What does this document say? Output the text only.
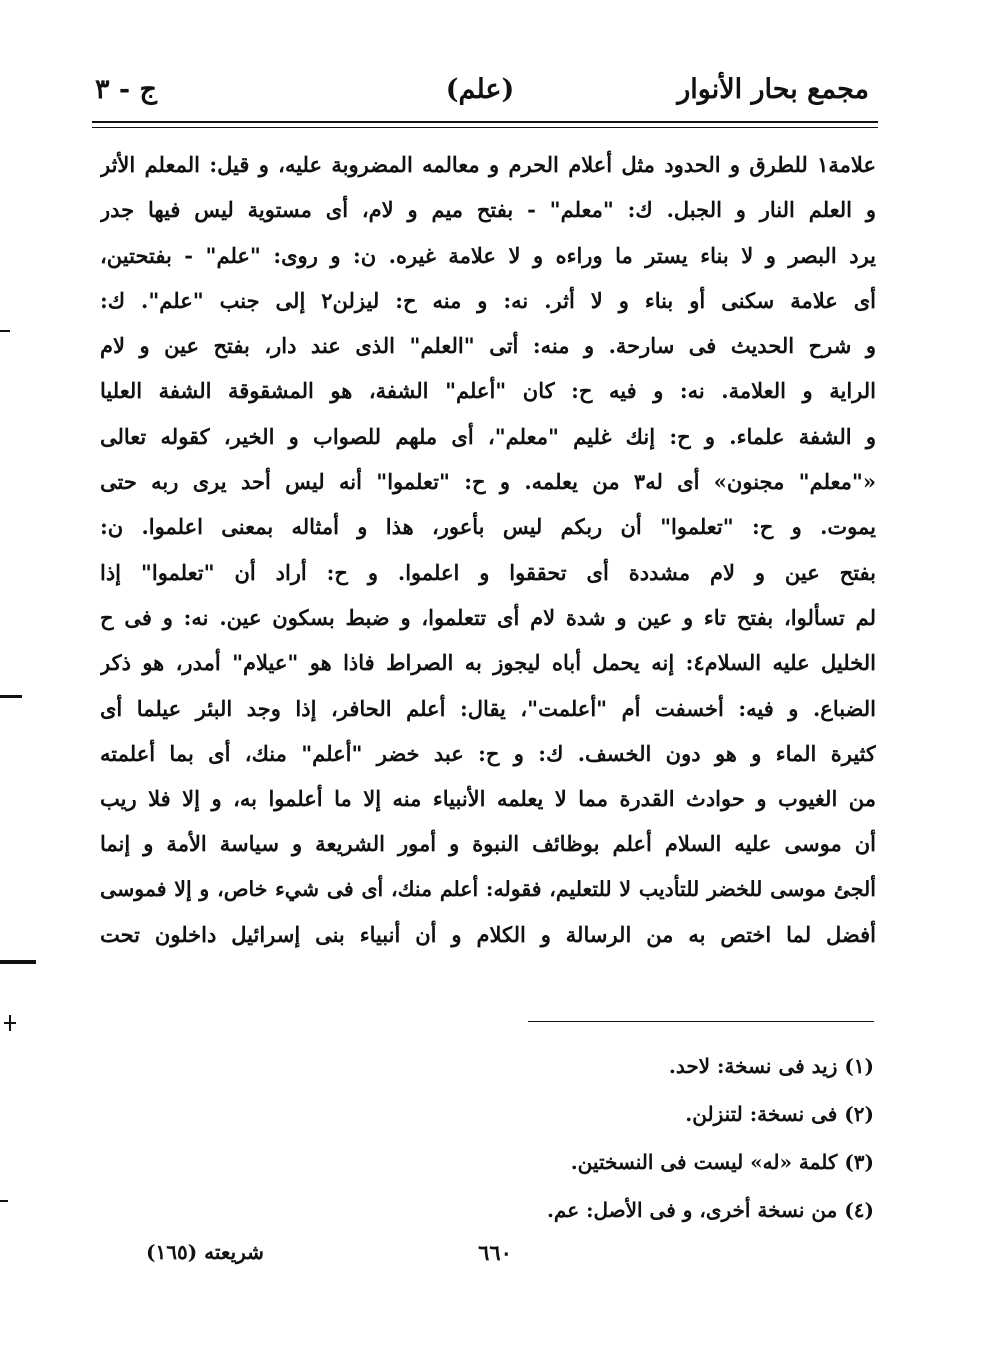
مجمع بحار الأنوار
(علم)
ج - ٣
علامة١ للطرق و الحدود مثل أعلام الحرم و معالمه المضروبة عليه، و قيل: المعلم الأثر
و العلم النار و الجبل. ك: "معلم" - بفتح ميم و لام، أى مستوية ليس فيها جدر
يرد البصر و لا بناء يستر ما وراءه و لا علامة غيره. ن: و روى: "علم" - بفتحتين،
أى علامة سكنى أو بناء و لا أثر. نه: و منه ح: ليزلن٢ إلى جنب "علم". ك:
و شرح الحديث فى سارحة. و منه: أتى "العلم" الذى عند دار، بفتح عين و لام
الراية و العلامة. نه: و فيه ح: كان "أعلم" الشفة، هو المشقوقة الشفة العليا
و الشفة علماء. و ح: إنك غليم "معلم"، أى ملهم للصواب و الخير، كقوله تعالى
«"معلم" مجنون» أى له٣ من يعلمه. و ح: "تعلموا" أنه ليس أحد يرى ربه حتى
يموت. و ح: "تعلموا" أن ربكم ليس بأعور، هذا و أمثاله بمعنى اعلموا. ن:
بفتح عين و لام مشددة أى تحققوا و اعلموا. و ح: أراد أن "تعلموا" إذا
لم تسألوا، بفتح تاء و عين و شدة لام أى تتعلموا، و ضبط بسكون عين. نه: و فى ح
الخليل عليه السلام٤: إنه يحمل أباه ليجوز به الصراط فاذا هو "عيلام" أمدر، هو ذكر
الضباع. و فيه: أخسفت أم "أعلمت"، يقال: أعلم الحافر، إذا وجد البئر عيلما أى
كثيرة الماء و هو دون الخسف. ك: و ح: عبد خضر "أعلم" منك، أى بما أعلمته
من الغيوب و حوادث القدرة مما لا يعلمه الأنبياء منه إلا ما أعلموا به، و إلا فلا ريب
أن موسى عليه السلام أعلم بوظائف النبوة و أمور الشريعة و سياسة الأمة و إنما
ألجئ موسى للخضر للتأديب لا للتعليم، فقوله: أعلم منك، أى فى شيء خاص، و إلا فموسى
أفضل لما اختص به من الرسالة و الكلام و أن أنبياء بنى إسرائيل داخلون تحت
(١) زيد فى نسخة: لاحد.
(٢) فى نسخة: لتنزلن.
(٣) كلمة «له» ليست فى النسختين.
(٤) من نسخة أخرى، و فى الأصل: عم.
٦٦٠
شريعته (١٦٥)
